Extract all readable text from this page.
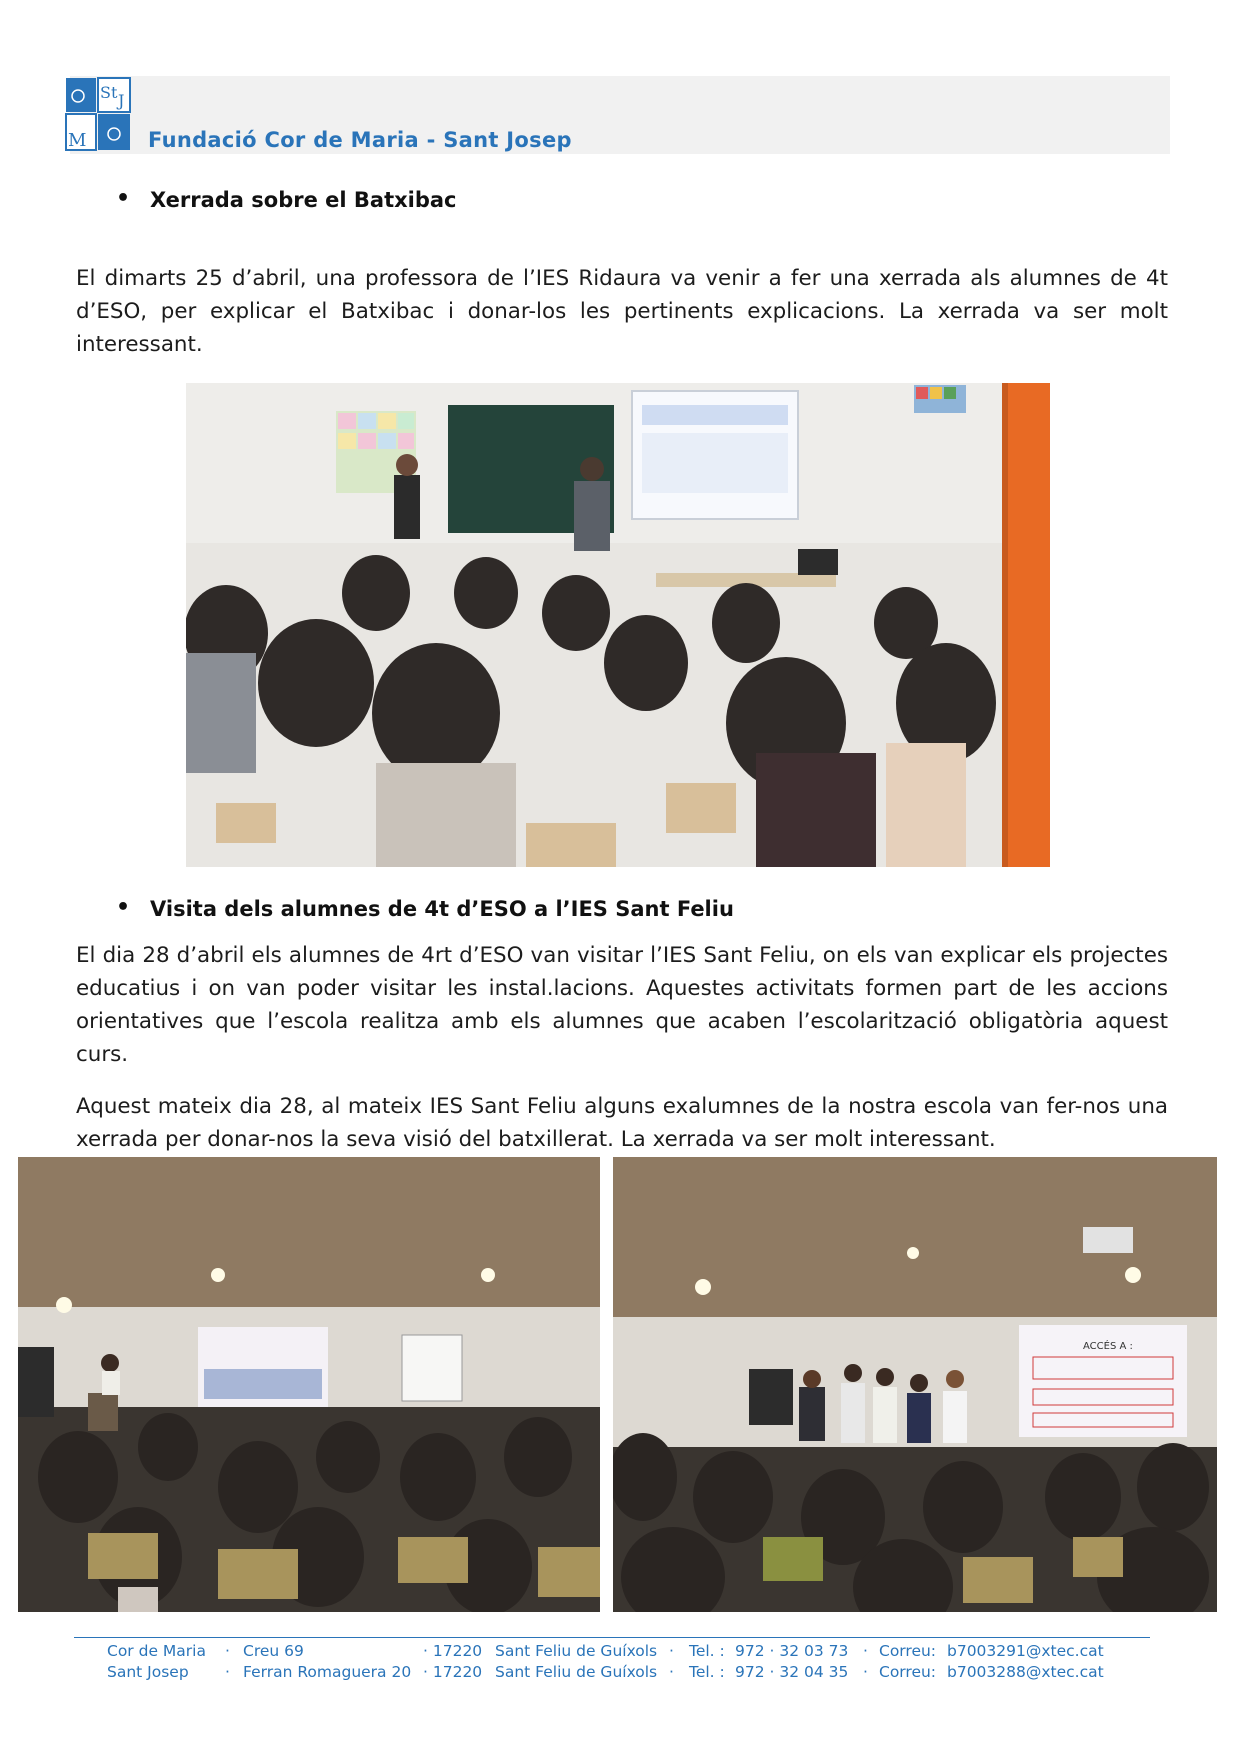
St J
M	Fundació Cor de Maria - Sant Josep
• Xerrada sobre el Batxibac
El dimarts 25 d’abril, una professora de l’IES Ridaura va venir a fer una xerrada als alumnes de 4t d’ESO, per explicar el Batxibac i donar-los les pertinents explicacions. La xerrada va ser molt interessant.
• Visita dels alumnes de 4t d’ESO a l’IES Sant Feliu
El dia 28 d’abril els alumnes de 4rt d’ESO van visitar l’IES Sant Feliu, on els van explicar els projectes educatius i on van poder visitar les instal.lacions. Aquestes activitats formen part de les accions orientatives que l’escola realitza amb els alumnes que acaben l’escolarització obligatòria aquest curs.
Aquest mateix dia 28, al mateix IES Sant Feliu alguns exalumnes de la nostra escola van fer-nos una xerrada per donar-nos la seva visió del batxillerat. La xerrada va ser molt interessant.
ACCÉS A :
Cor de Maria · Creu 69	· 17220 Sant Feliu de Guíxols · Tel. : 972 · 32 03 73 · Correu: b7003291@xtec.cat
Sant Josep · Ferran Romaguera 20 · 17220 Sant Feliu de Guíxols · Tel. : 972 · 32 04 35 · Correu: b7003288@xtec.cat
